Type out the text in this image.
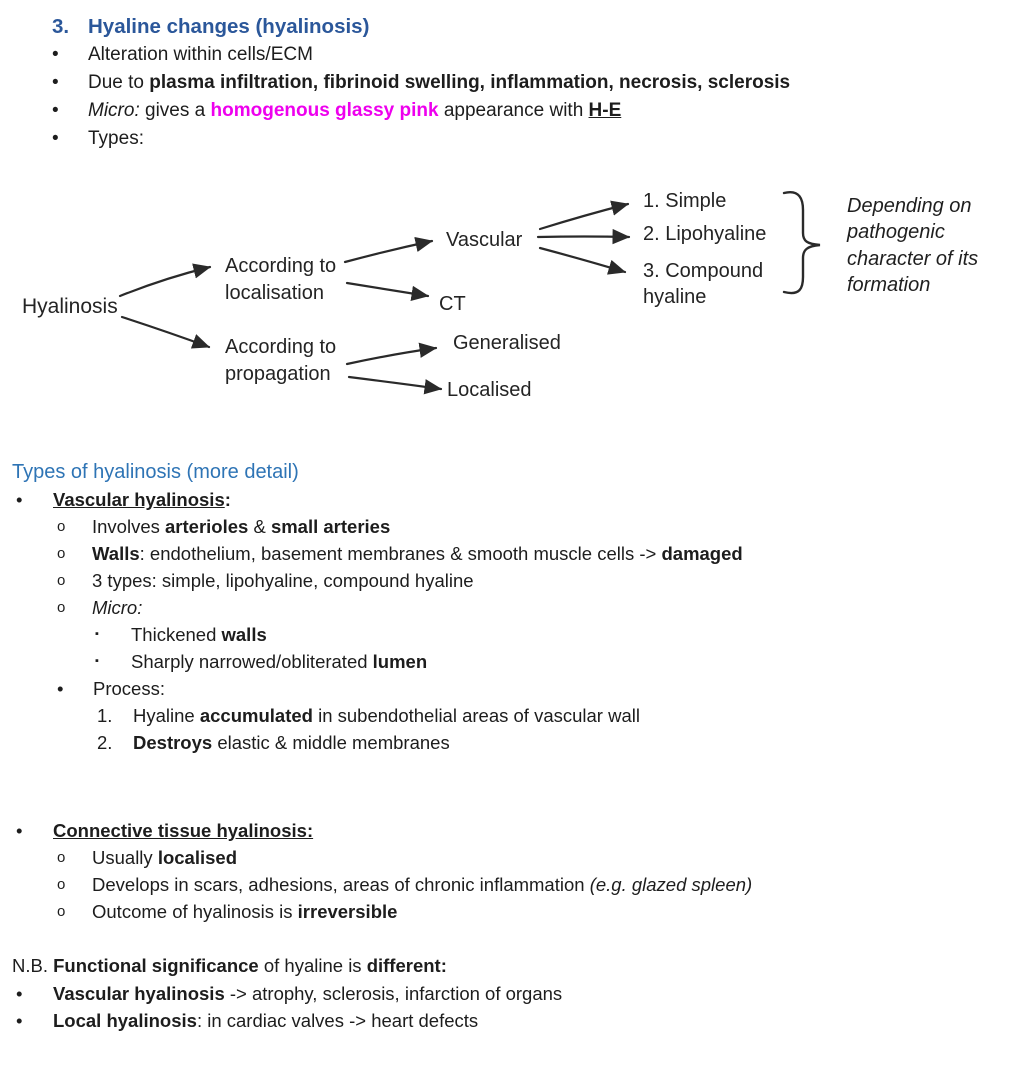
3. Hyaline changes (hyalinosis)
• Alteration within cells/ECM
• Due to plasma infiltration, fibrinoid swelling, inflammation, necrosis, sclerosis
• Micro: gives a homogenous glassy pink appearance with H-E
• Types:
Hyalinosis
According to
localisation
According to
propagation
Vascular
CT
Generalised
Localised
1. Simple
2. Lipohyaline
3. Compound
hyaline
Depending on
pathogenic
character of its
formation
Types of hyalinosis (more detail)
• Vascular hyalinosis:
o Involves arterioles & small arteries
o Walls: endothelium, basement membranes & smooth muscle cells -> damaged
o 3 types: simple, lipohyaline, compound hyaline
o Micro:
▪ Thickened walls
▪ Sharply narrowed/obliterated lumen
• Process:
1. Hyaline accumulated in subendothelial areas of vascular wall
2. Destroys elastic & middle membranes
• Connective tissue hyalinosis:
o Usually localised
o Develops in scars, adhesions, areas of chronic inflammation (e.g. glazed spleen)
o Outcome of hyalinosis is irreversible
N.B. Functional significance of hyaline is different:
• Vascular hyalinosis -> atrophy, sclerosis, infarction of organs
• Local hyalinosis: in cardiac valves -> heart defects
